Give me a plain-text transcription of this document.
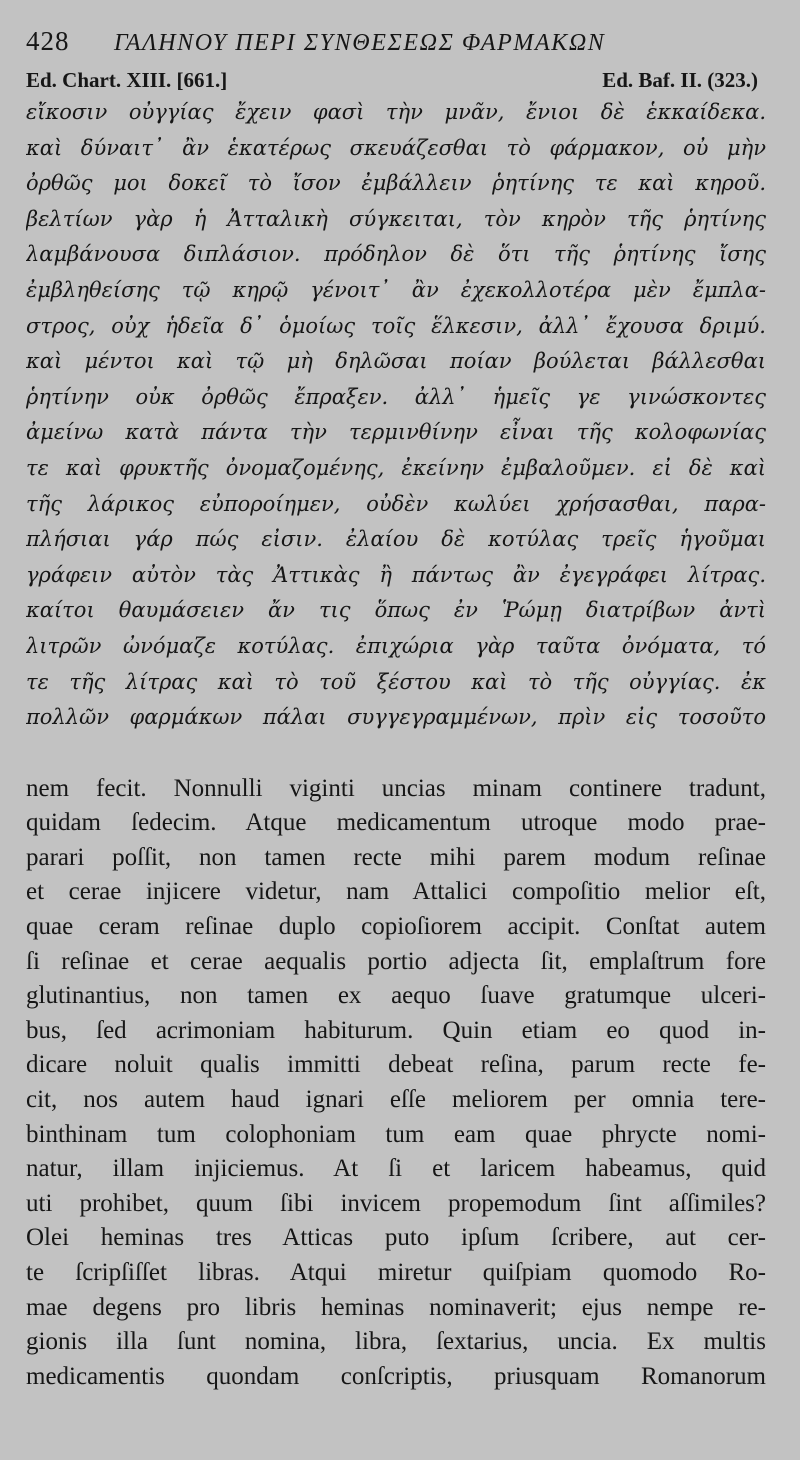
428	ΓΑΛΗΝΟΥ ΠΕΡΙ ΣΥΝΘΕΣΕΩΣ ΦΑΡΜΑΚΩΝ
Ed. Chart. XIII. [661.]	Ed. Baf. II. (323.)
εἴκοσιν οὐγγίας ἔχειν φασὶ τὴν μνᾶν, ἔνιοι δὲ ἑκκαίδεκα.
καὶ δύναιτ᾽ ἂν ἑκατέρως σκευάζεσθαι τὸ φάρμακον, οὐ μὴν
ὀρθῶς μοι δοκεῖ τὸ ἴσον ἐμβάλλειν ῥητίνης τε καὶ κηροῦ.
βελτίων γὰρ ἡ Ἀτταλικὴ σύγκειται, τὸν κηρὸν τῆς ῥητίνης
λαμβάνουσα διπλάσιον. πρόδηλον δὲ ὅτι τῆς ῥητίνης ἴσης
ἐμβληθείσης τῷ κηρῷ γένοιτ᾽ ἂν ἐχεκολλοτέρα μὲν ἔμπλα-
στρος, οὐχ ἡδεῖα δ᾽ ὁμοίως τοῖς ἕλκεσιν, ἀλλ᾽ ἔχουσα δριμύ.
καὶ μέντοι καὶ τῷ μὴ δηλῶσαι ποίαν βούλεται βάλλεσθαι
ῥητίνην οὐκ ὀρθῶς ἔπραξεν. ἀλλ᾽ ἡμεῖς γε γινώσκοντες
ἀμείνω κατὰ πάντα τὴν τερμινθίνην εἶναι τῆς κολοφωνίας
τε καὶ φρυκτῆς ὀνομαζομένης, ἐκείνην ἐμβαλοῦμεν. εἰ δὲ καὶ
τῆς λάρικος εὐποροίημεν, οὐδὲν κωλύει χρήσασθαι, παρα-
πλήσιαι γάρ πώς εἰσιν. ἐλαίου δὲ κοτύλας τρεῖς ἡγοῦμαι
γράφειν αὐτὸν τὰς Ἀττικὰς ἢ πάντως ἂν ἐγεγράφει λίτρας.
καίτοι θαυμάσειεν ἄν τις ὅπως ἐν Ῥώμῃ διατρίβων ἀντὶ
λιτρῶν ὠνόμαζε κοτύλας. ἐπιχώρια γὰρ ταῦτα ὀνόματα, τό
τε τῆς λίτρας καὶ τὸ τοῦ ξέστου καὶ τὸ τῆς οὐγγίας. ἐκ
πολλῶν φαρμάκων πάλαι συγγεγραμμένων, πρὶν εἰς τοσοῦτο
nem fecit. Nonnulli viginti uncias minam continere tradunt,
quidam ſedecim. Atque medicamentum utroque modo prae-
parari poſſit, non tamen recte mihi parem modum reſinae
et cerae injicere videtur, nam Attalici compoſitio melior eſt,
quae ceram reſinae duplo copioſiorem accipit. Conſtat autem
ſi reſinae et cerae aequalis portio adjecta ſit, emplaſtrum fore
glutinantius, non tamen ex aequo ſuave gratumque ulceri-
bus, ſed acrimoniam habiturum. Quin etiam eo quod in-
dicare noluit qualis immitti debeat reſina, parum recte fe-
cit, nos autem haud ignari eſſe meliorem per omnia tere-
binthinam tum colophoniam tum eam quae phrycte nomi-
natur, illam injiciemus. At ſi et laricem habeamus, quid
uti prohibet, quum ſibi invicem propemodum ſint aſſimiles?
Olei heminas tres Atticas puto ipſum ſcribere, aut cer-
te ſcripſiſſet libras. Atqui miretur quiſpiam quomodo Ro-
mae degens pro libris heminas nominaverit; ejus nempe re-
gionis illa ſunt nomina, libra, ſextarius, uncia. Ex multis
medicamentis quondam conſcriptis, priusquam Romanorum
